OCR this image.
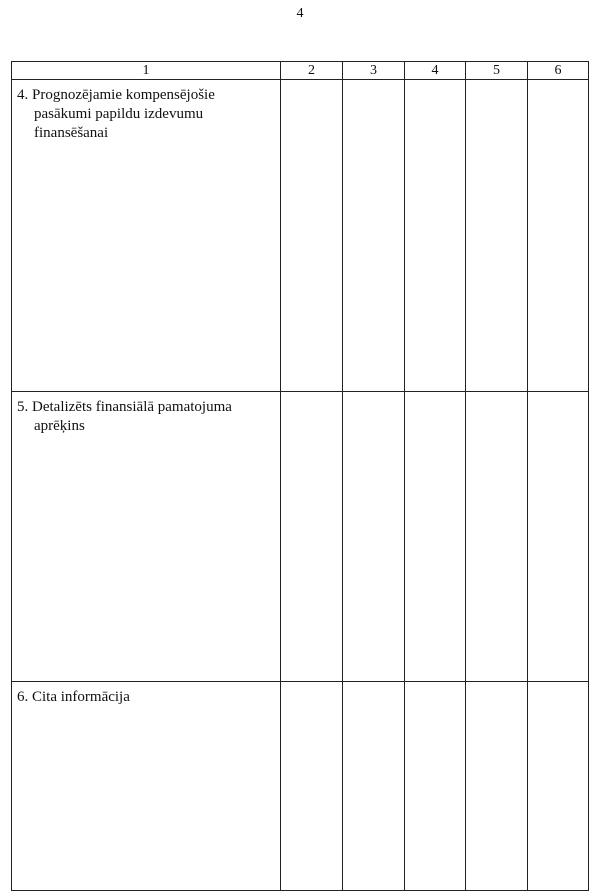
4
1	2	3	4	5	6

4. Prognozējamie kompensējošie pasākumi papildu izdevumu finansēšanai					

5. Detalizēts finansiālā pamatojuma aprēķins					

6. Cita informācija					
